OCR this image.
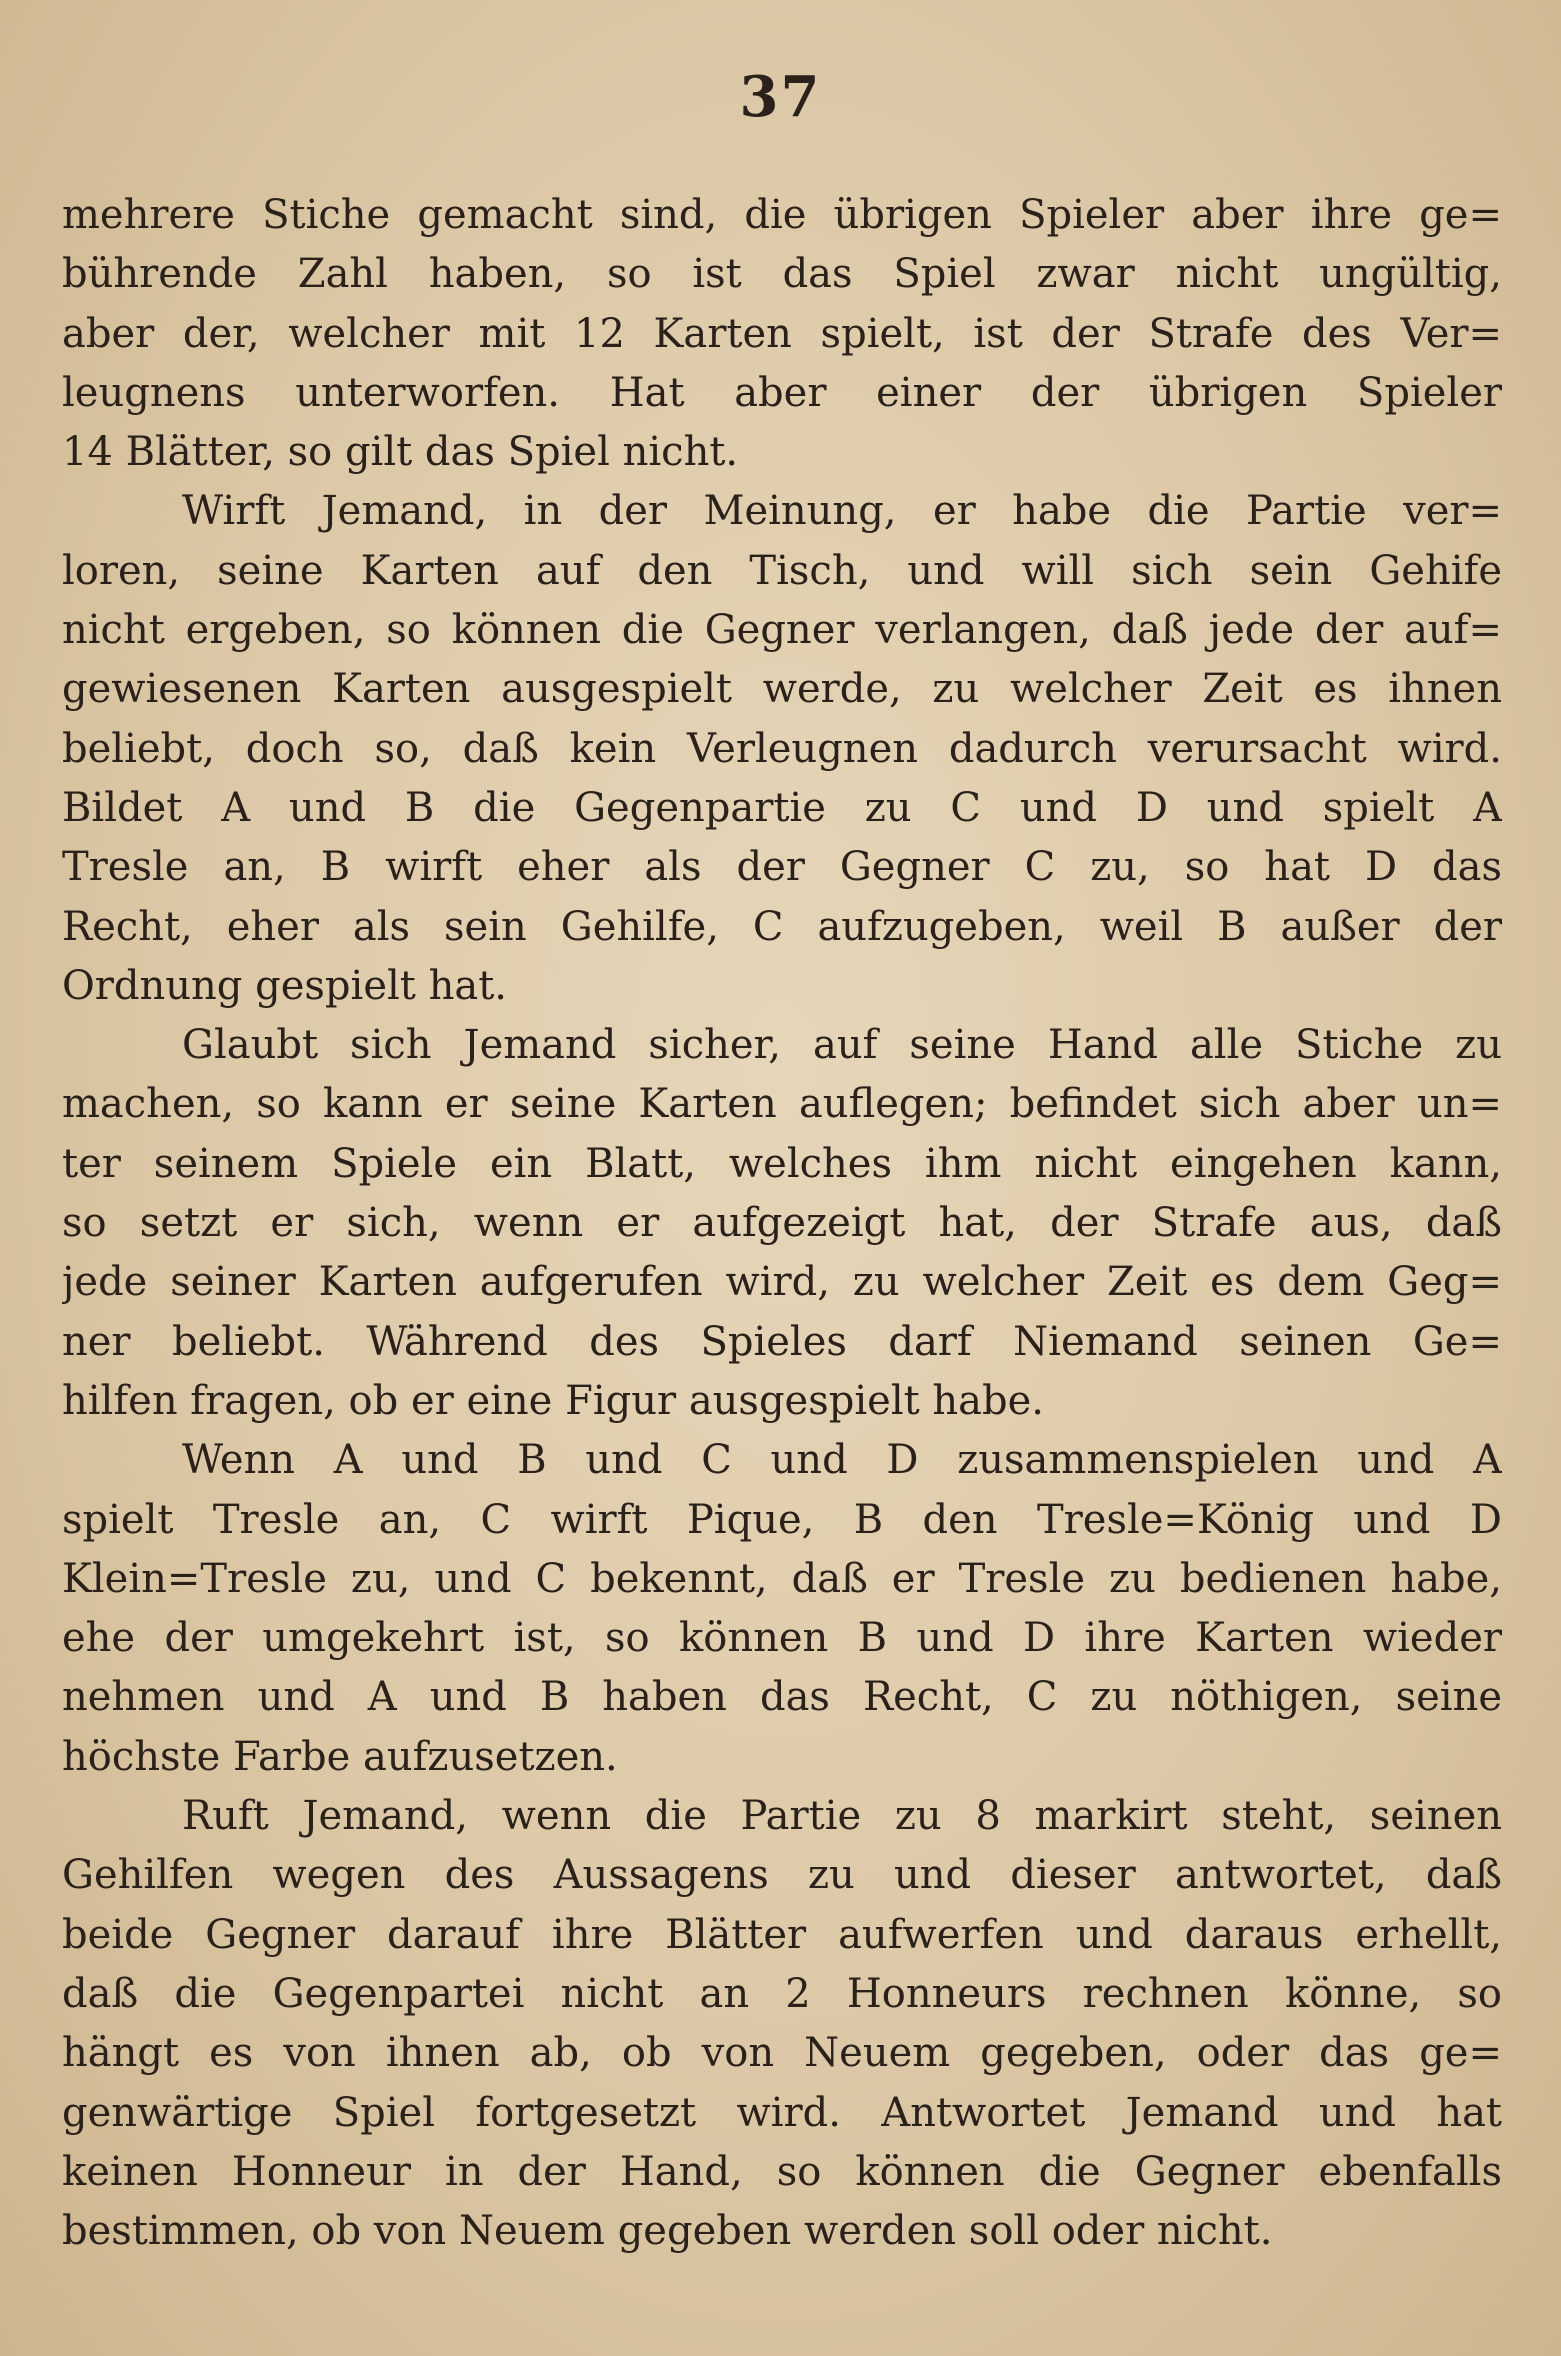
37
mehrere Stiche gemacht sind, die übrigen Spieler aber ihre ge=
bührende Zahl haben, so ist das Spiel zwar nicht ungültig,
aber der, welcher mit 12 Karten spielt, ist der Strafe des Ver=
leugnens unterworfen. Hat aber einer der übrigen Spieler
14 Blätter, so gilt das Spiel nicht.
Wirft Jemand, in der Meinung, er habe die Partie ver=
loren, seine Karten auf den Tisch, und will sich sein Gehife
nicht ergeben, so können die Gegner verlangen, daß jede der auf=
gewiesenen Karten ausgespielt werde, zu welcher Zeit es ihnen
beliebt, doch so, daß kein Verleugnen dadurch verursacht wird.
Bildet A und B die Gegenpartie zu C und D und spielt A
Tresle an, B wirft eher als der Gegner C zu, so hat D das
Recht, eher als sein Gehilfe, C aufzugeben, weil B außer der
Ordnung gespielt hat.
Glaubt sich Jemand sicher, auf seine Hand alle Stiche zu
machen, so kann er seine Karten auflegen; befindet sich aber un=
ter seinem Spiele ein Blatt, welches ihm nicht eingehen kann,
so setzt er sich, wenn er aufgezeigt hat, der Strafe aus, daß
jede seiner Karten aufgerufen wird, zu welcher Zeit es dem Geg=
ner beliebt. Während des Spieles darf Niemand seinen Ge=
hilfen fragen, ob er eine Figur ausgespielt habe.
Wenn A und B und C und D zusammenspielen und A
spielt Tresle an, C wirft Pique, B den Tresle=König und D
Klein=Tresle zu, und C bekennt, daß er Tresle zu bedienen habe,
ehe der umgekehrt ist, so können B und D ihre Karten wieder
nehmen und A und B haben das Recht, C zu nöthigen, seine
höchste Farbe aufzusetzen.
Ruft Jemand, wenn die Partie zu 8 markirt steht, seinen
Gehilfen wegen des Aussagens zu und dieser antwortet, daß
beide Gegner darauf ihre Blätter aufwerfen und daraus erhellt,
daß die Gegenpartei nicht an 2 Honneurs rechnen könne, so
hängt es von ihnen ab, ob von Neuem gegeben, oder das ge=
genwärtige Spiel fortgesetzt wird. Antwortet Jemand und hat
keinen Honneur in der Hand, so können die Gegner ebenfalls
bestimmen, ob von Neuem gegeben werden soll oder nicht.
